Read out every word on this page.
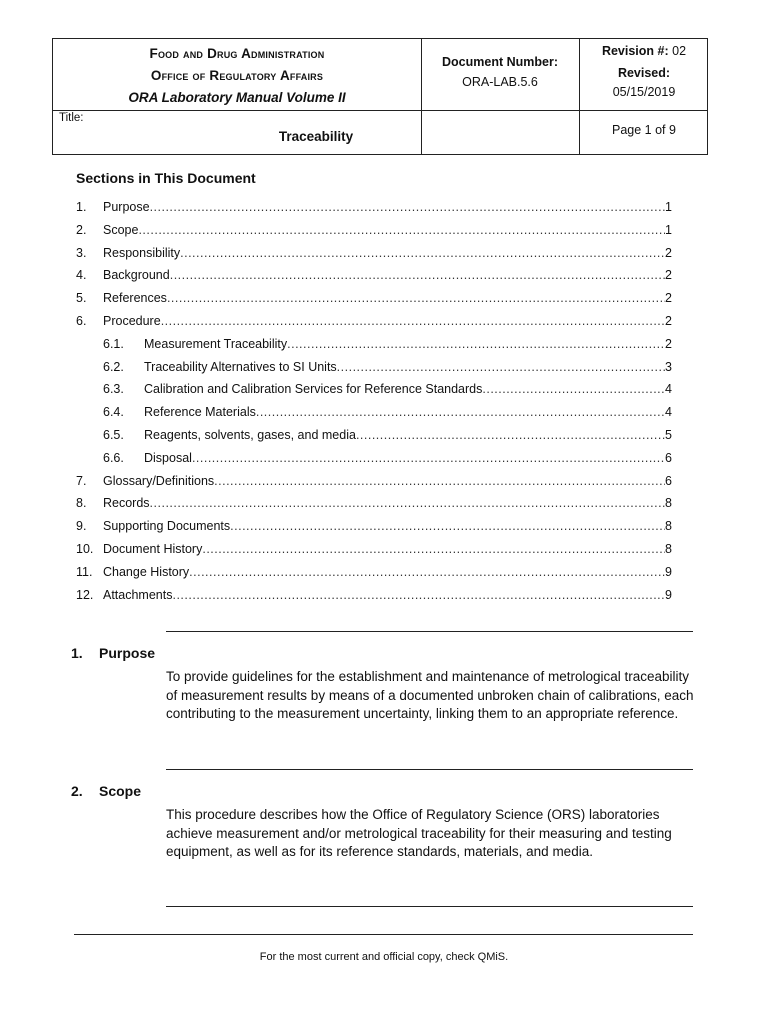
Food and Drug Administration
Office of Regulatory Affairs
ORA Laboratory Manual Volume II
Document Number:
ORA-LAB.5.6
Revision #: 02
Revised:
05/15/2019
Title:
Traceability	Page 1 of 9
Sections in This Document
1.	Purpose .....	1
2.	Scope .....	1
3.	Responsibility .....	2
4.	Background .....	2
5.	References .....	2
6.	Procedure .....	2
6.1.	Measurement Traceability .....	2
6.2.	Traceability Alternatives to SI Units .....	3
6.3.	Calibration and Calibration Services for Reference Standards .....	4
6.4.	Reference Materials .....	4
6.5.	Reagents, solvents, gases, and media .....	5
6.6.	Disposal .....	6
7.	Glossary/Definitions .....	6
8.	Records .....	8
9.	Supporting Documents .....	8
10. Document History .....	8
11. Change History .....	9
12. Attachments .....	9
1. Purpose
To provide guidelines for the establishment and maintenance of metrological traceability of measurement results by means of a documented unbroken chain of calibrations, each contributing to the measurement uncertainty, linking them to an appropriate reference.
2. Scope
This procedure describes how the Office of Regulatory Science (ORS) laboratories achieve measurement and/or metrological traceability for their measuring and testing equipment, as well as for its reference standards, materials, and media.
For the most current and official copy, check QMiS.
